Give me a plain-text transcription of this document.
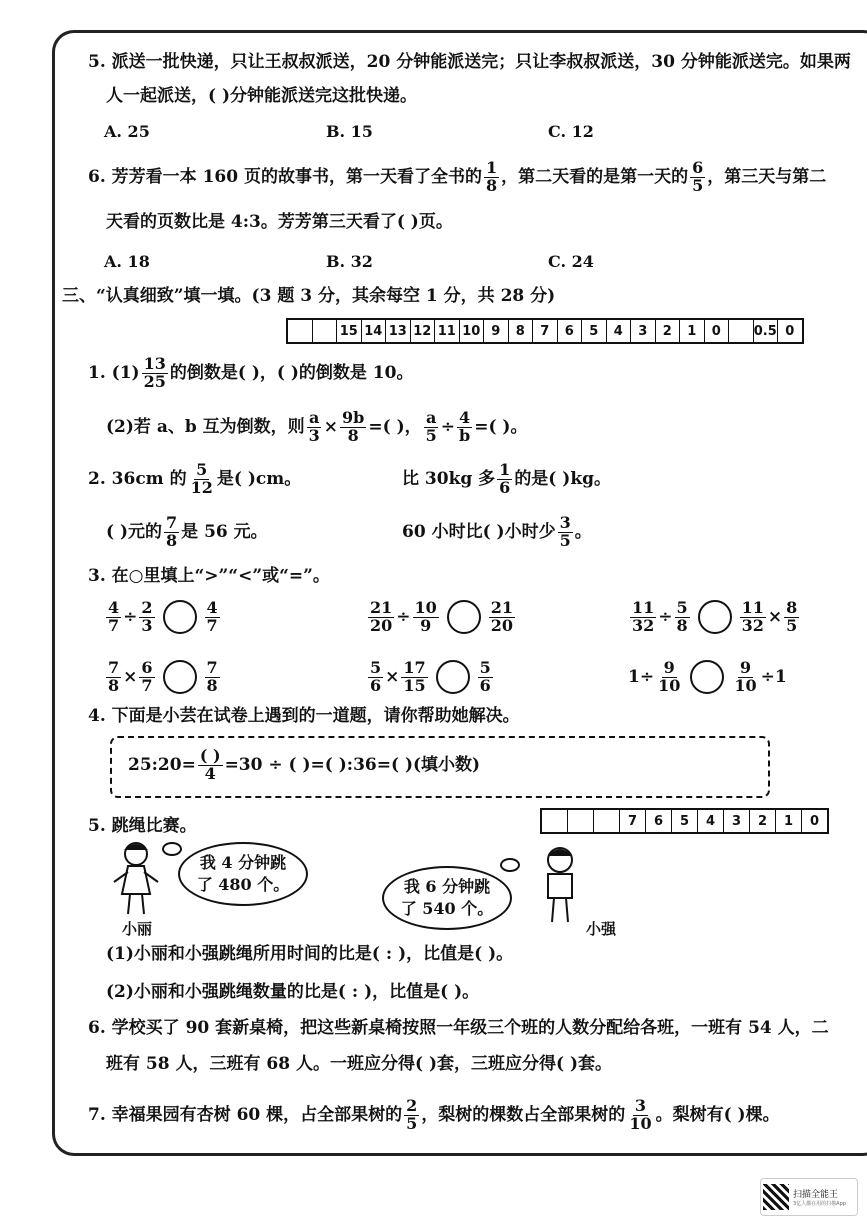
5. 派送一批快递，只让王叔叔派送，20 分钟能派送完；只让李叔叔派送，30 分钟能派送完。如果两
人一起派送，( )分钟能派送完这批快递。
A. 25	B. 15	C. 12
6. 芳芳看一本 160 页的故事书，第一天看了全书的 $\frac{1}{8}$ ，第二天看的是第一天的 $\frac{6}{5}$ ，第三天与第二
天看的页数比是 4:3。芳芳第三天看了( )页。
A. 18	B. 32	C. 24
三、“认真细致”填一填。(3 题 3 分，其余每空 1 分，共 28 分)
15 14 13 12 11 10 9	8	7	6	5	4	3	2	1	0	0.5 0
1. $(1) \frac{13}{25}$ 的倒数是( )，( )的倒数是 10。
(2)若 a、b 互为倒数，则 $\frac{a}{3} \times \frac{9b}{8}$ =( )， $\frac{a}{5} \div \frac{4}{b}$ =( )。
2. 36cm 的 $\frac{5}{12}$ 是( )cm。	比 30kg 多 $\frac{1}{6}$ 的是( )kg。
( )元的 $\frac{7}{8}$ 是 56 元。	60 小时比( )小时少 $\frac{3}{5}$ 。
3. 在○里填上“>”“<”或“=”。
$\frac{4}{7} \div \frac{2}{3}$	$\frac{4}{7}$	$\frac{21}{20} \div \frac{10}{9}$	$\frac{21}{20}$	$\frac{11}{32} \div \frac{5}{8}$	$\frac{11}{32} \times \frac{8}{5}$
$\frac{7}{8} \times \frac{6}{7}$	$\frac{7}{8}$	$\frac{5}{6} \times \frac{17}{15}$	$\frac{5}{6}$	$1 \div \frac{9}{10}$	$\frac{9}{10} \div 1$
4. 下面是小芸在试卷上遇到的一道题，请你帮助她解决。
25:20= $\frac{( )}{4} =30$ ÷ ( )=( ):36=( )(填小数)
5. 跳绳比赛。	7	6	5	4	3	2	1	0
我 4 分钟跳
了 480 个。
小丽
我 6 分钟跳
了 540 个。
小强
(1)小丽和小强跳绳所用时间的比是( : )，比值是( )。
(2)小丽和小强跳绳数量的比是( : )，比值是( )。
6. 学校买了 90 套新桌椅，把这些新桌椅按照一年级三个班的人数分配给各班，一班有 54 人，二
班有 58 人，三班有 68 人。一班应分得( )套，三班应分得( )套。
7. 幸福果园有杏树 60 棵，占全部果树的 $\frac{2}{5}$ ，梨树的棵数占全部果树的 $\frac{3}{10}$ 。梨树有( )棵。
扫描全能王
3亿人都在用的扫描App
